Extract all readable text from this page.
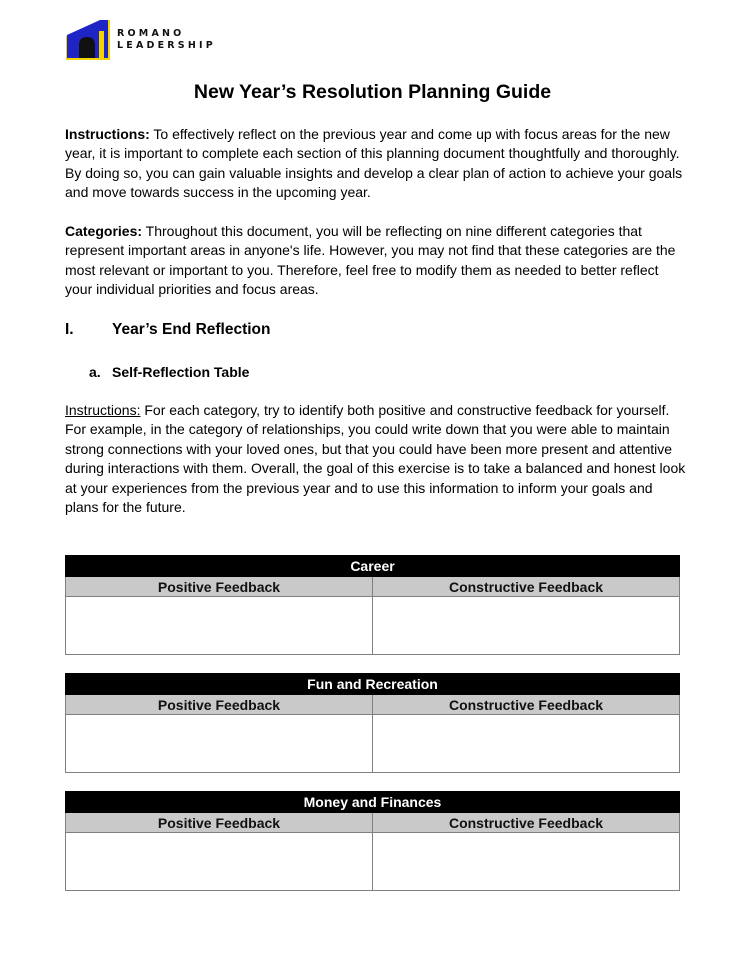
ROMANO
LEADERSHIP
New Year’s Resolution Planning Guide
Instructions: To effectively reflect on the previous year and come up with focus areas for the new year, it is important to complete each section of this planning document thoughtfully and thoroughly. By doing so, you can gain valuable insights and develop a clear plan of action to achieve your goals and move towards success in the upcoming year.
Categories: Throughout this document, you will be reflecting on nine different categories that represent important areas in anyone's life. However, you may not find that these categories are the most relevant or important to you. Therefore, feel free to modify them as needed to better reflect your individual priorities and focus areas.
I. Year’s End Reflection
a. Self-Reflection Table
Instructions: For each category, try to identify both positive and constructive feedback for yourself. For example, in the category of relationships, you could write down that you were able to maintain strong connections with your loved ones, but that you could have been more present and attentive during interactions with them. Overall, the goal of this exercise is to take a balanced and honest look at your experiences from the previous year and to use this information to inform your goals and plans for the future.
Career	
Positive Feedback	Constructive Feedback

Fun and Recreation	
Positive Feedback	Constructive Feedback

Money and Finances	
Positive Feedback	Constructive Feedback
